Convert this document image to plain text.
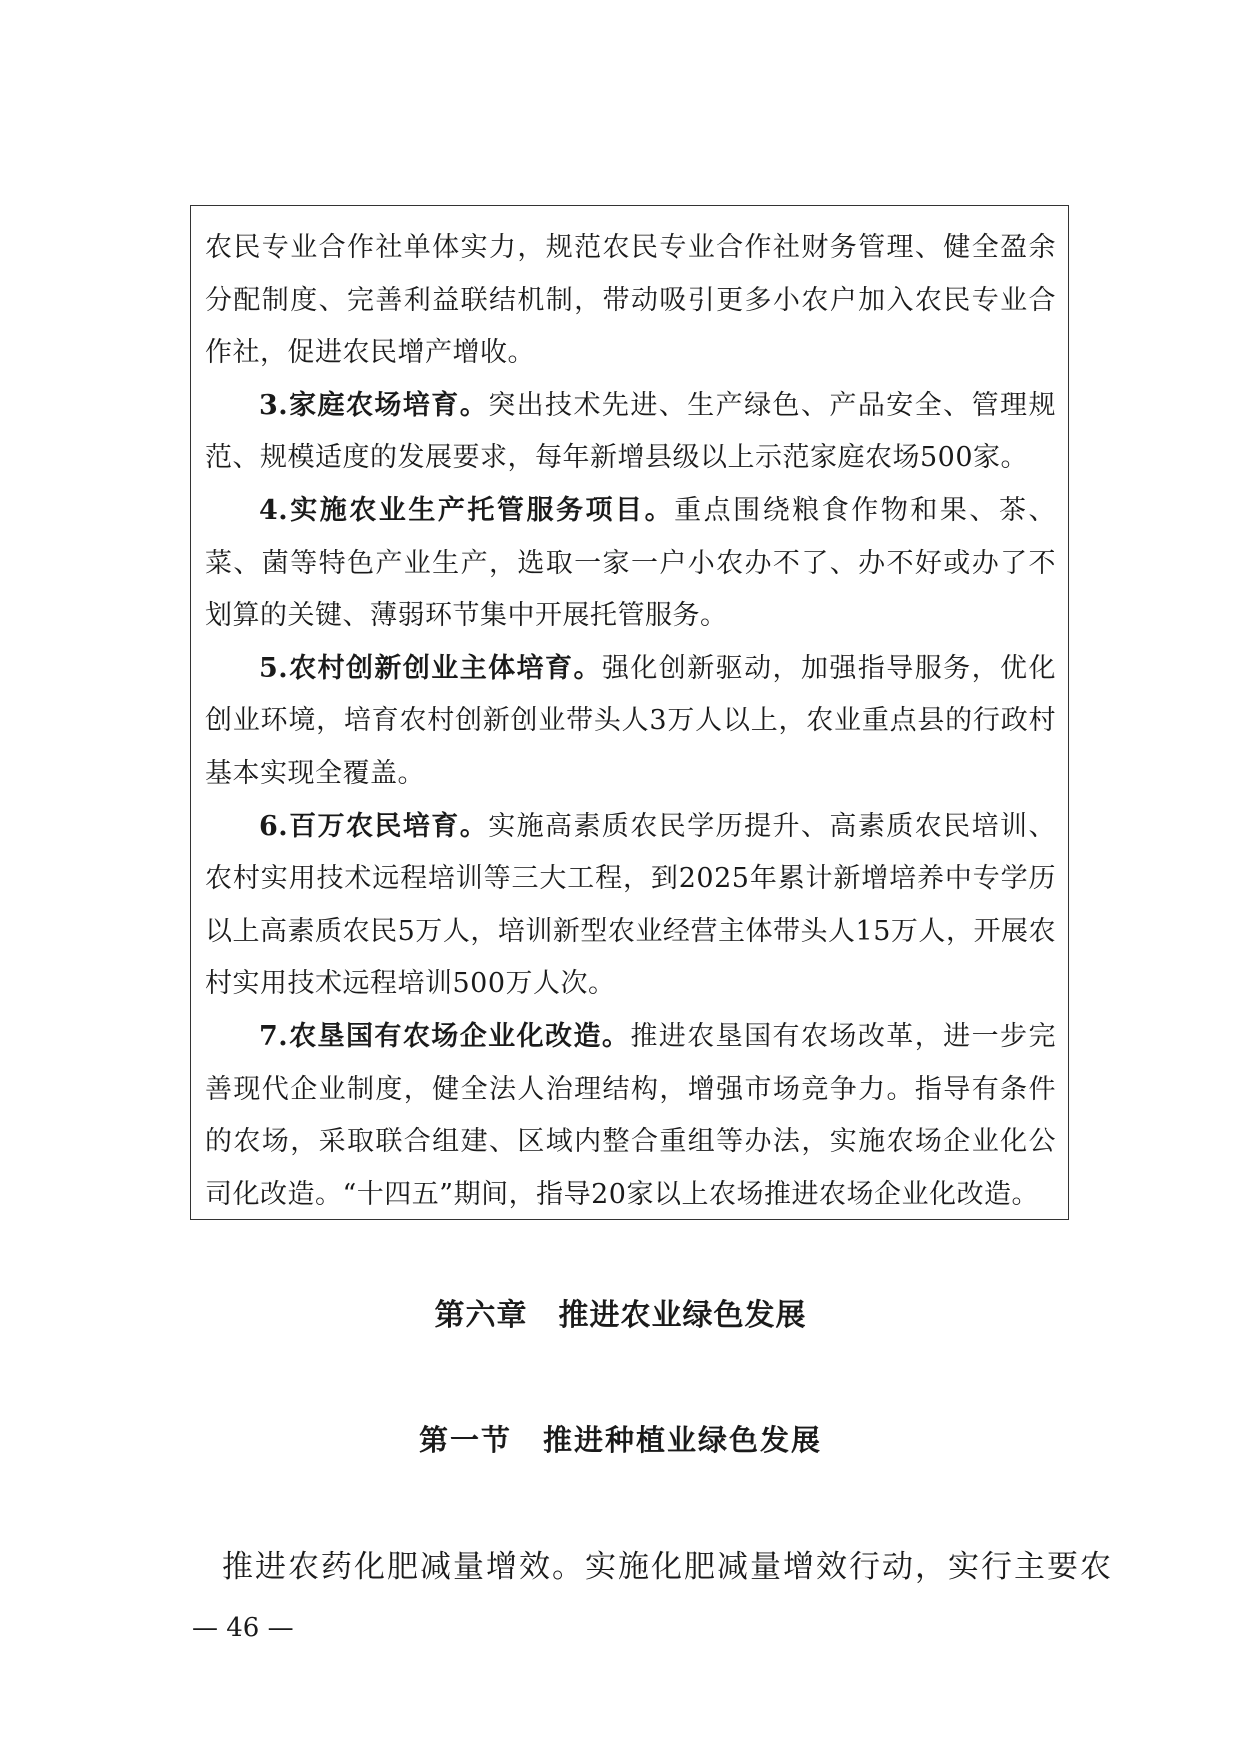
农民专业合作社单体实力，规范农民专业合作社财务管理、健全盈余分配制度、完善利益联结机制，带动吸引更多小农户加入农民专业合作社，促进农民增产增收。

3.家庭农场培育。突出技术先进、生产绿色、产品安全、管理规范、规模适度的发展要求，每年新增县级以上示范家庭农场500家。

4.实施农业生产托管服务项目。重点围绕粮食作物和果、茶、菜、菌等特色产业生产，选取一家一户小农办不了、办不好或办了不划算的关键、薄弱环节集中开展托管服务。

5.农村创新创业主体培育。强化创新驱动，加强指导服务，优化创业环境，培育农村创新创业带头人3万人以上，农业重点县的行政村基本实现全覆盖。

6.百万农民培育。实施高素质农民学历提升、高素质农民培训、农村实用技术远程培训等三大工程，到2025年累计新增培养中专学历以上高素质农民5万人，培训新型农业经营主体带头人15万人，开展农村实用技术远程培训500万人次。

7.农垦国有农场企业化改造。推进农垦国有农场改革，进一步完善现代企业制度，健全法人治理结构，增强市场竞争力。指导有条件的农场，采取联合组建、区域内整合重组等办法，实施农场企业化公司化改造。“十四五”期间，指导20家以上农场推进农场企业化改造。

第六章　推进农业绿色发展
第一节　推进种植业绿色发展

推进农药化肥减量增效。实施化肥减量增效行动，实行主要农

— 46 —
